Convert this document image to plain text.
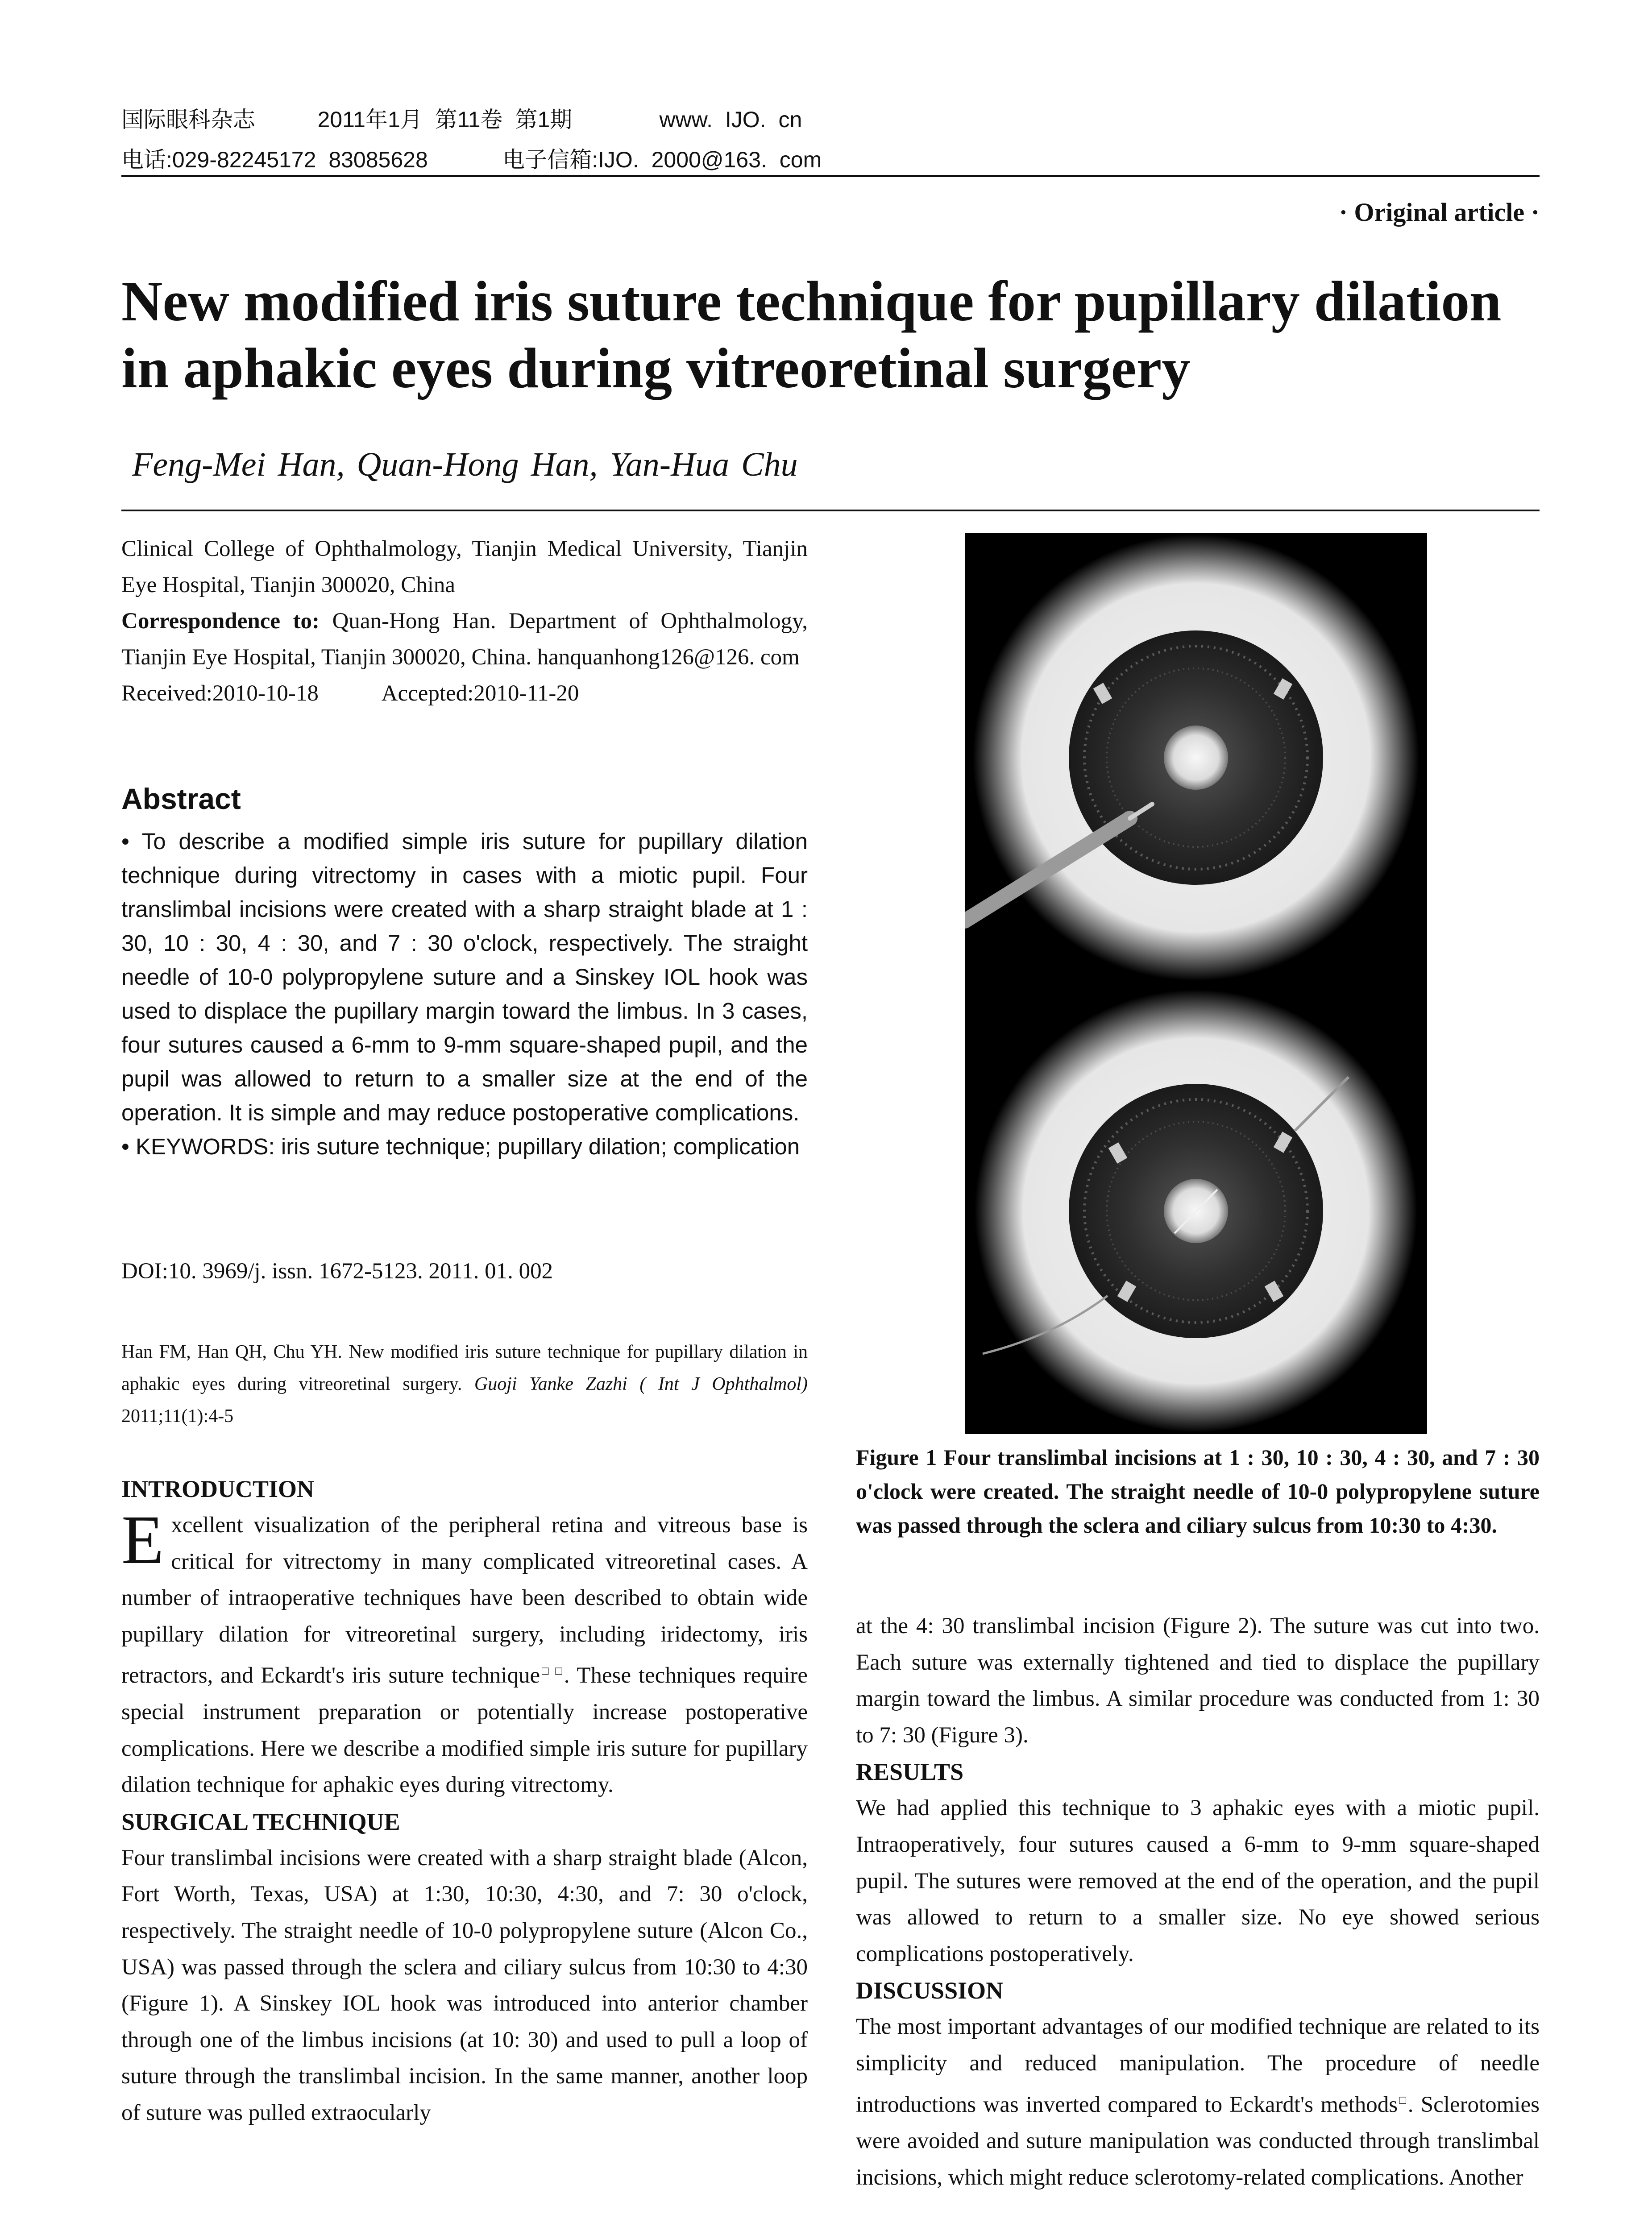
国际眼科杂志	2011年1月 第11卷 第1期	www. IJO. cn
电话:029-82245172 83085628	电子信箱:IJO. 2000@163. com
· Original article ·
New modified iris suture technique for pupillary dilation in aphakic eyes during vitreoretinal surgery
Feng-Mei Han, Quan-Hong Han, Yan-Hua Chu

Clinical College of Ophthalmology, Tianjin Medical University, Tianjin Eye Hospital, Tianjin 300020, China

Correspondence to: Quan-Hong Han. Department of Ophthalmology, Tianjin Eye Hospital, Tianjin 300020, China. hanquanhong126@126. com

Received:2010-10-18	Accepted:2010-11-20

Abstract

• To describe a modified simple iris suture for pupillary dilation technique during vitrectomy in cases with a miotic pupil. Four translimbal incisions were created with a sharp straight blade at 1 : 30, 10 : 30, 4 : 30, and 7 : 30 o'clock, respectively. The straight needle of 10-0 polypropylene suture and a Sinskey IOL hook was used to displace the pupillary margin toward the limbus. In 3 cases, four sutures caused a 6-mm to 9-mm square-shaped pupil, and the pupil was allowed to return to a smaller size at the end of the operation. It is simple and may reduce postoperative complications.

• KEYWORDS: iris suture technique; pupillary dilation; complication

DOI:10. 3969/j. issn. 1672-5123. 2011. 01. 002
Han FM, Han QH, Chu YH. New modified iris suture technique for pupillary dilation in aphakic eyes during vitreoretinal surgery. Guoji Yanke Zazhi ( Int J Ophthalmol) 2011;11(1):4-5
INTRODUCTION

Excellent visualization of the peripheral retina and vitreous base is critical for vitrectomy in many complicated vitreoretinal cases. A number of intraoperative techniques have been described to obtain wide pupillary dilation for vitreoretinal surgery, including iridectomy, iris retractors, and Eckardt's iris suture technique□ □. These techniques require special instrument preparation or potentially increase postoperative complications. Here we describe a modified simple iris suture for pupillary dilation technique for aphakic eyes during vitrectomy.

SURGICAL TECHNIQUE

Four translimbal incisions were created with a sharp straight blade (Alcon, Fort Worth, Texas, USA) at 1:30, 10:30, 4:30, and 7: 30 o'clock, respectively. The straight needle of 10-0 polypropylene suture (Alcon Co., USA) was passed through the sclera and ciliary sulcus from 10:30 to 4:30 (Figure 1). A Sinskey IOL hook was introduced into anterior chamber through one of the limbus incisions (at 10: 30) and used to pull a loop of suture through the translimbal incision. In the same manner, another loop of suture was pulled extraocularly

Figure 1 Four translimbal incisions at 1 : 30, 10 : 30, 4 : 30, and 7 : 30 o'clock were created. The straight needle of 10-0 polypropylene suture was passed through the sclera and ciliary sulcus from 10:30 to 4:30.

at the 4: 30 translimbal incision (Figure 2). The suture was cut into two. Each suture was externally tightened and tied to displace the pupillary margin toward the limbus. A similar procedure was conducted from 1: 30 to 7: 30 (Figure 3).

RESULTS

We had applied this technique to 3 aphakic eyes with a miotic pupil. Intraoperatively, four sutures caused a 6-mm to 9-mm square-shaped pupil. The sutures were removed at the end of the operation, and the pupil was allowed to return to a smaller size. No eye showed serious complications postoperatively.

DISCUSSION

The most important advantages of our modified technique are related to its simplicity and reduced manipulation. The procedure of needle introductions was inverted compared to Eckardt's methods□. Sclerotomies were avoided and suture manipulation was conducted through translimbal incisions, which might reduce sclerotomy-related complications. Another
